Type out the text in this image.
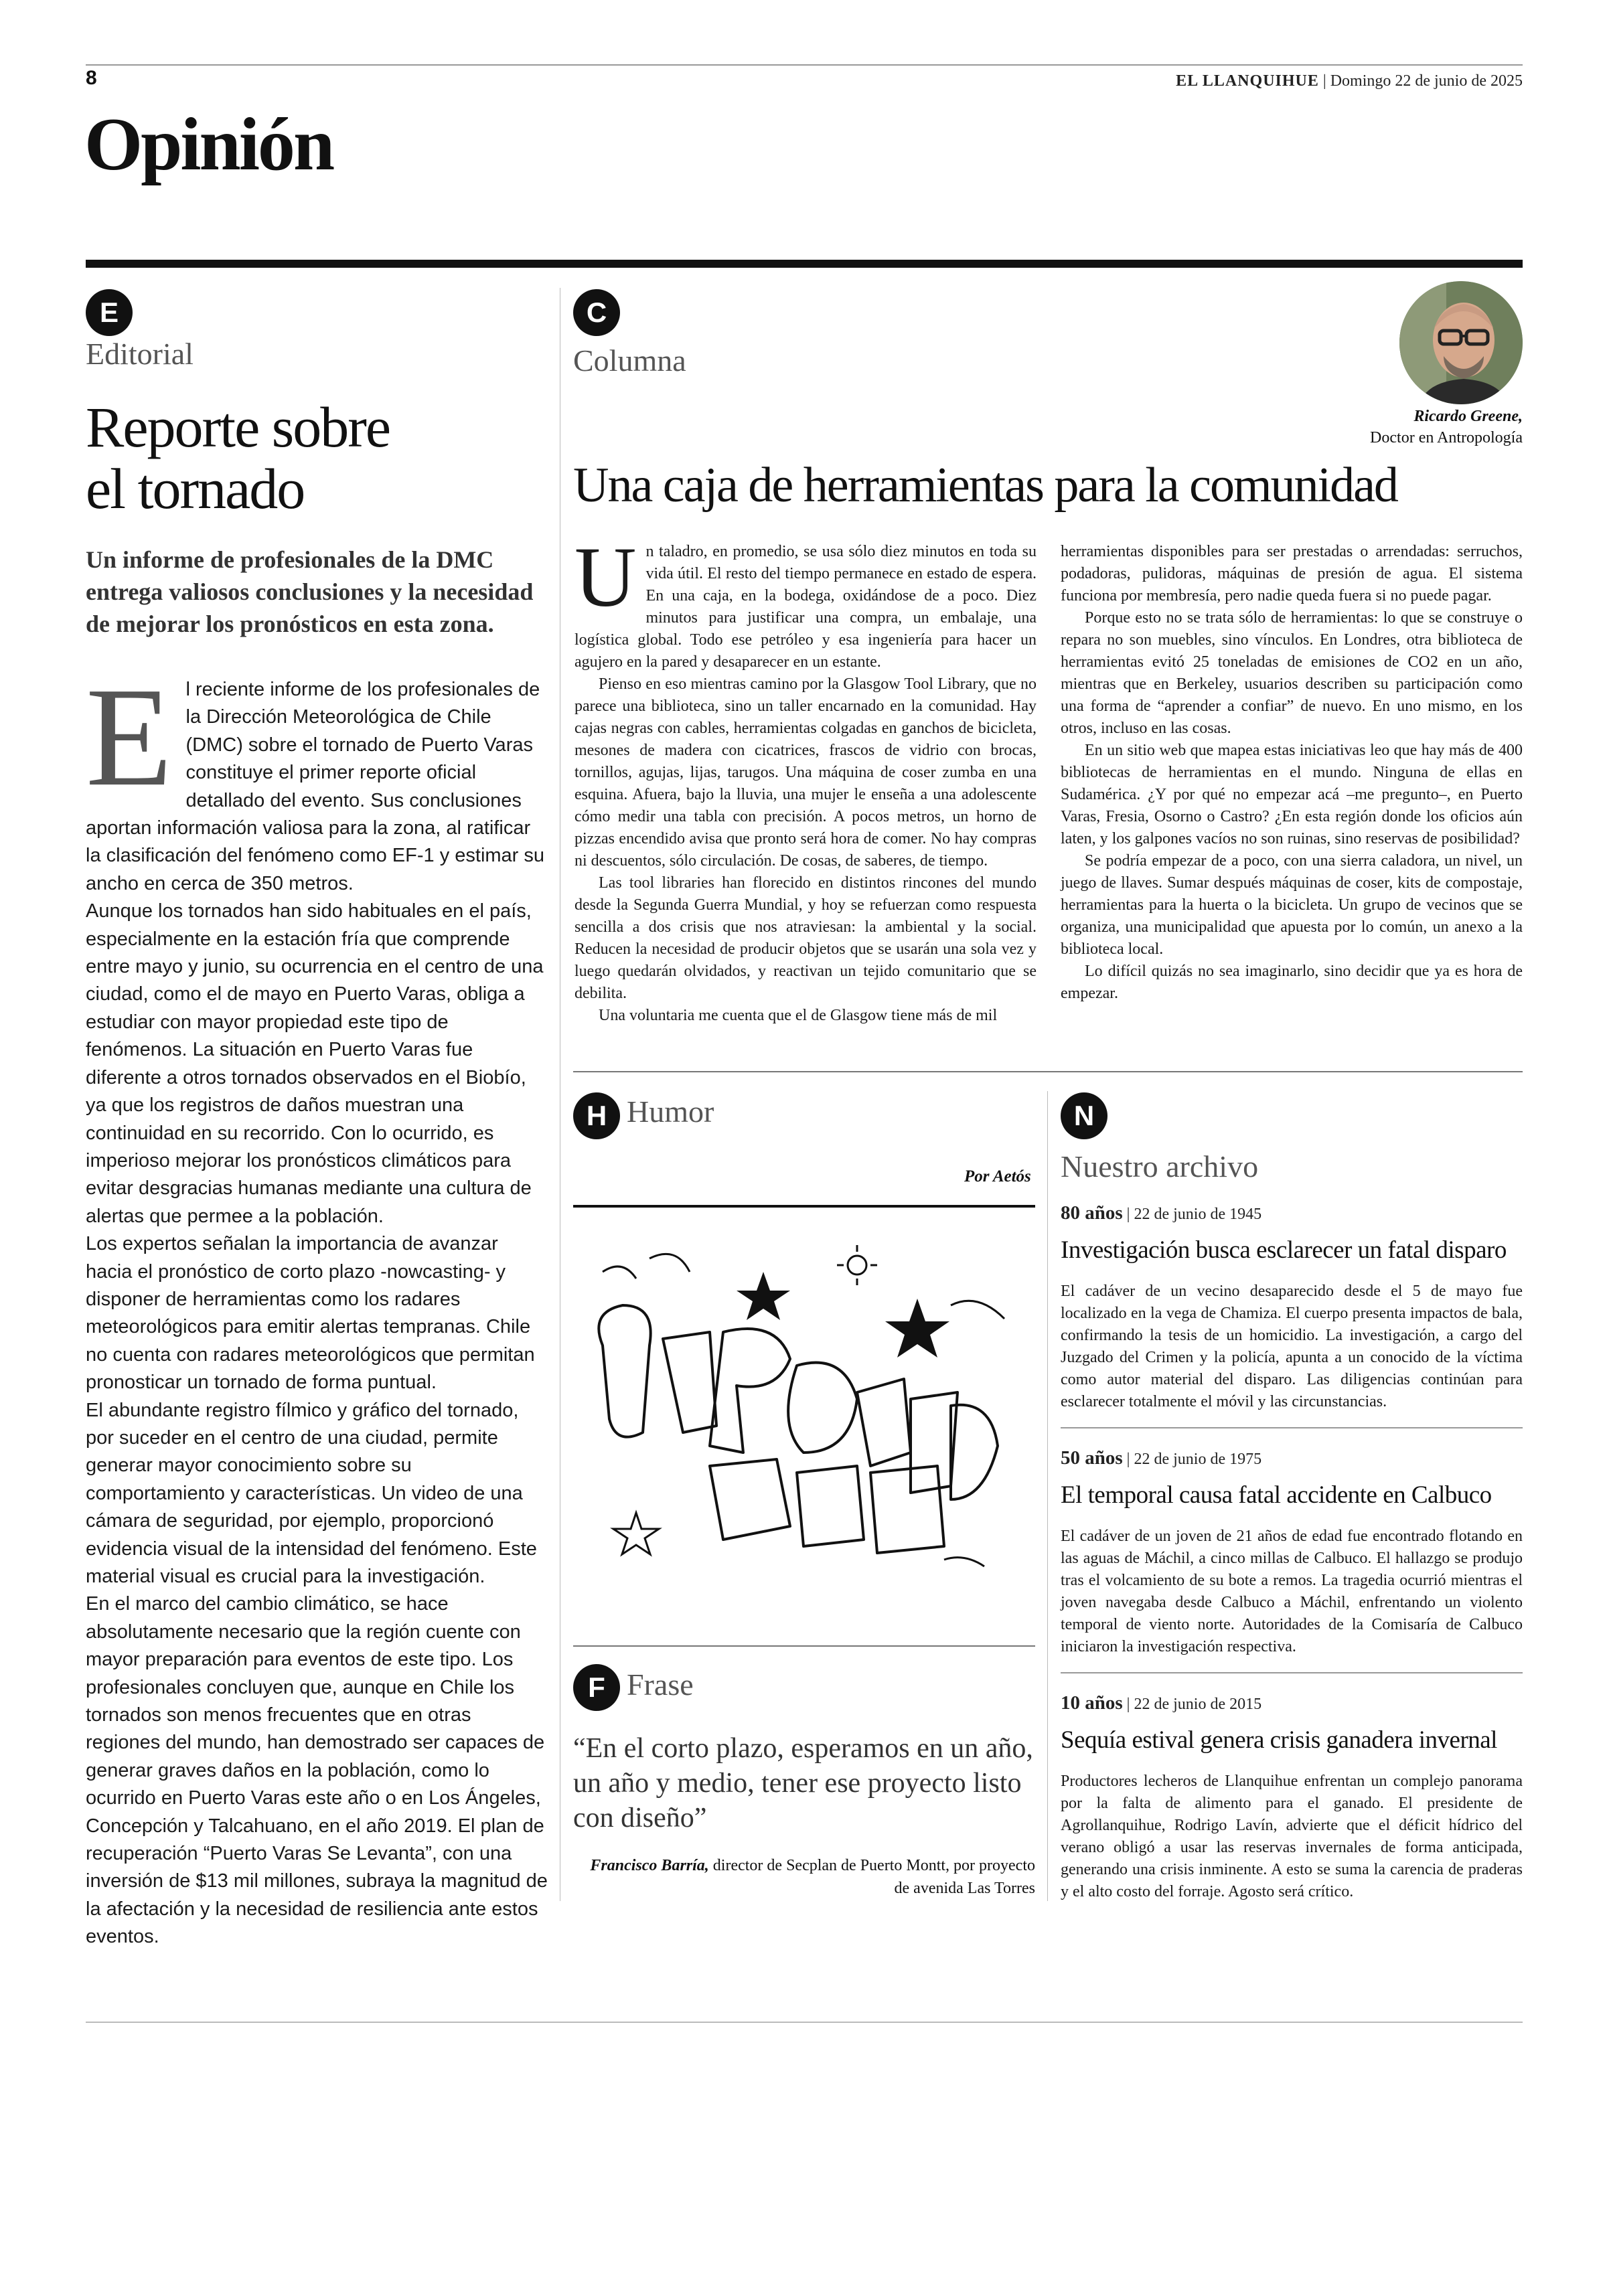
8	EL LLANQUIHUE | Domingo 22 de junio de 2025
Opinión
E
Editorial
Reporte sobre
el tornado
Un informe de profesionales de la DMC entrega valiosos conclusiones y la necesidad de mejorar los pronósticos en esta zona.

El reciente informe de los profesionales de la Dirección Meteorológica de Chile (DMC) sobre el tornado de Puerto Varas constituye el primer reporte oficial detallado del evento. Sus conclusiones aportan información valiosa para la zona, al ratificar la clasificación del fenómeno como EF-1 y estimar su ancho en cerca de 350 metros.

Aunque los tornados han sido habituales en el país, especialmente en la estación fría que comprende entre mayo y junio, su ocurrencia en el centro de una ciudad, como el de mayo en Puerto Varas, obliga a estudiar con mayor propiedad este tipo de fenómenos. La situación en Puerto Varas fue diferente a otros tornados observados en el Biobío, ya que los registros de daños muestran una continuidad en su recorrido. Con lo ocurrido, es imperioso mejorar los pronósticos climáticos para evitar desgracias humanas mediante una cultura de alertas que permee a la población.

Los expertos señalan la importancia de avanzar hacia el pronóstico de corto plazo -nowcasting- y disponer de herramientas como los radares meteorológicos para emitir alertas tempranas. Chile no cuenta con radares meteorológicos que permitan pronosticar un tornado de forma puntual.

El abundante registro fílmico y gráfico del tornado, por suceder en el centro de una ciudad, permite generar mayor conocimiento sobre su comportamiento y características. Un video de una cámara de seguridad, por ejemplo, proporcionó evidencia visual de la intensidad del fenómeno. Este material visual es crucial para la investigación.

En el marco del cambio climático, se hace absolutamente necesario que la región cuente con mayor preparación para eventos de este tipo. Los profesionales concluyen que, aunque en Chile los tornados son menos frecuentes que en otras regiones del mundo, han demostrado ser capaces de generar graves daños en la población, como lo ocurrido en Puerto Varas este año o en Los Ángeles, Concepción y Talcahuano, en el año 2019. El plan de recuperación “Puerto Varas Se Levanta”, con una inversión de $13 mil millones, subraya la magnitud de la afectación y la necesidad de resiliencia ante estos eventos.

C
Columna
Ricardo Greene,
Doctor en Antropología
Una caja de herramientas para la comunidad

Un taladro, en promedio, se usa sólo diez minutos en toda su vida útil. El resto del tiempo permanece en estado de espera. En una caja, en la bodega, oxidándose de a poco. Diez minutos para justificar una compra, un embalaje, una logística global. Todo ese petróleo y esa ingeniería para hacer un agujero en la pared y desaparecer en un estante.

Pienso en eso mientras camino por la Glasgow Tool Library, que no parece una biblioteca, sino un taller encarnado en la comunidad. Hay cajas negras con cables, herramientas colgadas en ganchos de bicicleta, mesones de madera con cicatrices, frascos de vidrio con brocas, tornillos, agujas, lijas, tarugos. Una máquina de coser zumba en una esquina. Afuera, bajo la lluvia, una mujer le enseña a una adolescente cómo medir una tabla con precisión. A pocos metros, un horno de pizzas encendido avisa que pronto será hora de comer. No hay compras ni descuentos, sólo circulación. De cosas, de saberes, de tiempo.

Las tool libraries han florecido en distintos rincones del mundo desde la Segunda Guerra Mundial, y hoy se refuerzan como respuesta sencilla a dos crisis que nos atraviesan: la ambiental y la social. Reducen la necesidad de producir objetos que se usarán una sola vez y luego quedarán olvidados, y reactivan un tejido comunitario que se debilita.

Una voluntaria me cuenta que el de Glasgow tiene más de mil

herramientas disponibles para ser prestadas o arrendadas: serruchos, podadoras, pulidoras, máquinas de presión de agua. El sistema funciona por membresía, pero nadie queda fuera si no puede pagar.

Porque esto no se trata sólo de herramientas: lo que se construye o repara no son muebles, sino vínculos. En Londres, otra biblioteca de herramientas evitó 25 toneladas de emisiones de CO2 en un año, mientras que en Berkeley, usuarios describen su participación como una forma de “aprender a confiar” de nuevo. En uno mismo, en los otros, incluso en las cosas.

En un sitio web que mapea estas iniciativas leo que hay más de 400 bibliotecas de herramientas en el mundo. Ninguna de ellas en Sudamérica. ¿Y por qué no empezar acá –me pregunto–, en Puerto Varas, Fresia, Osorno o Castro? ¿En esta región donde los oficios aún laten, y los galpones vacíos no son ruinas, sino reservas de posibilidad?

Se podría empezar de a poco, con una sierra caladora, un nivel, un juego de llaves. Sumar después máquinas de coser, kits de compostaje, herramientas para la huerta o la bicicleta. Un grupo de vecinos que se organiza, una municipalidad que apuesta por lo común, un anexo a la biblioteca local.

Lo difícil quizás no sea imaginarlo, sino decidir que ya es hora de empezar.

H Humor
Por Aetós
F Frase
“En el corto plazo, esperamos en un año, un año y medio, tener ese proyecto listo con diseño”
Francisco Barría, director de Secplan de Puerto Montt, por proyecto de avenida Las Torres
N
Nuestro archivo
80 años | 22 de junio de 1945
Investigación busca esclarecer un fatal disparo

El cadáver de un vecino desaparecido desde el 5 de mayo fue localizado en la vega de Chamiza. El cuerpo presenta impactos de bala, confirmando la tesis de un homicidio. La investigación, a cargo del Juzgado del Crimen y la policía, apunta a un conocido de la víctima como autor material del disparo. Las diligencias continúan para esclarecer totalmente el móvil y las circunstancias.

50 años | 22 de junio de 1975
El temporal causa fatal accidente en Calbuco

El cadáver de un joven de 21 años de edad fue encontrado flotando en las aguas de Máchil, a cinco millas de Calbuco. El hallazgo se produjo tras el volcamiento de su bote a remos. La tragedia ocurrió mientras el joven navegaba desde Calbuco a Máchil, enfrentando un violento temporal de viento norte. Autoridades de la Comisaría de Calbuco iniciaron la investigación respectiva.

10 años | 22 de junio de 2015
Sequía estival genera crisis ganadera invernal

Productores lecheros de Llanquihue enfrentan un complejo panorama por la falta de alimento para el ganado. El presidente de Agrollanquihue, Rodrigo Lavín, advierte que el déficit hídrico del verano obligó a usar las reservas invernales de forma anticipada, generando una crisis inminente. A esto se suma la carencia de praderas y el alto costo del forraje. Agosto será crítico.
